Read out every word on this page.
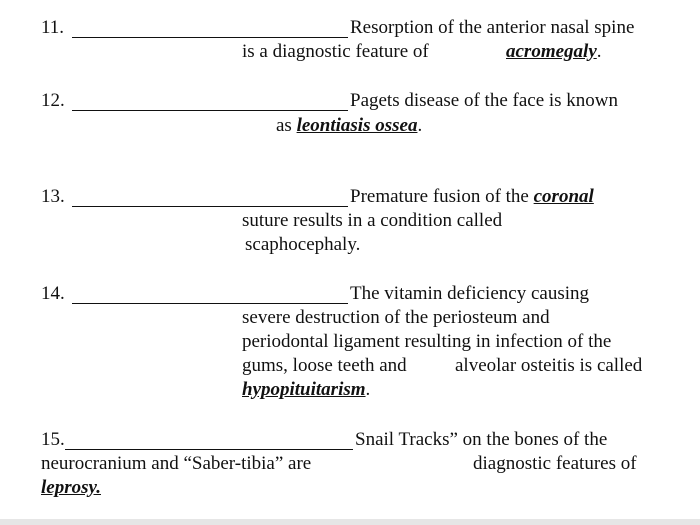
11.	Resorption of the anterior nasal spine
is a diagnostic feature of	acromegaly.
12.	Pagets disease of the face is known
as leontiasis ossea.
13.	Premature fusion of the coronal
suture results in a condition called
scaphocephaly.
14.	The vitamin deficiency causing
severe destruction of the periosteum and
periodontal ligament resulting in infection of the
gums, loose teeth and	alveolar osteitis is called
hypopituitarism.
15.	Snail Tracks” on the bones of the
neurocranium and “Saber-tibia” are	diagnostic features of
leprosy.
